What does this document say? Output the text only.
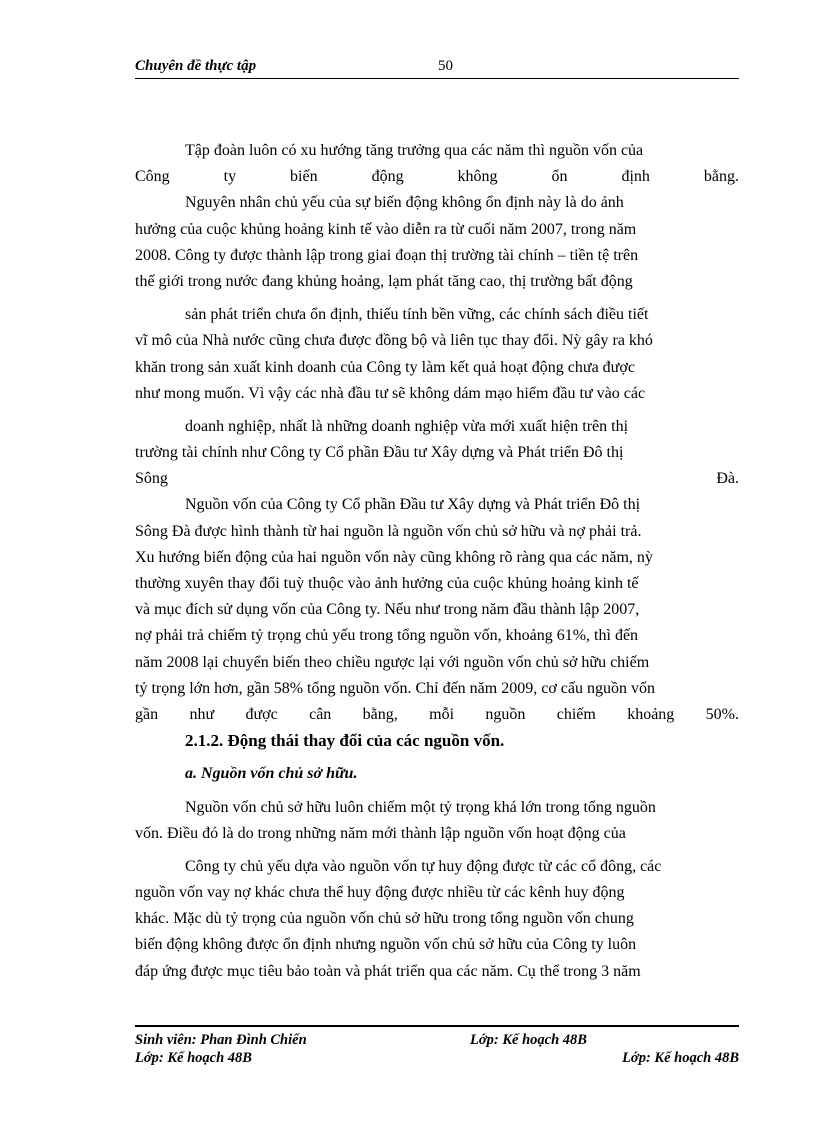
Chuyên đề thực tập	50
Tập đoàn luôn có xu hướng tăng trưởng qua các năm thì nguồn vốn của
Công ty biến động không ổn định bằng.
Nguyên nhân chủ yếu của sự biến động không ổn định này là do ảnh
hưởng của cuộc khủng hoảng kinh tế vào diễn ra từ cuối năm 2007, trong năm
2008. Công ty được thành lập trong giai đoạn thị trường tài chính – tiền tệ trên
thế giới trong nước đang khủng hoảng, lạm phát tăng cao, thị trường bất động
sản phát triển chưa ổn định, thiếu tính bền vững, các chính sách điều tiết
vĩ mô của Nhà nước cũng chưa được đồng bộ và liên tục thay đổi. Nỳ gây ra khó
khăn trong sản xuất kinh doanh của Công ty làm kết quả hoạt động chưa được
như mong muốn. Vì vậy các nhà đầu tư sẽ không dám mạo hiểm đầu tư vào các
doanh nghiệp, nhất là những doanh nghiệp vừa mới xuất hiện trên thị
trường tài chính như Công ty Cổ phần Đầu tư Xây dựng và Phát triển Đô thị
Sông Đà.
Nguồn vốn của Công ty Cổ phần Đầu tư Xây dựng và Phát triển Đô thị
Sông Đà được hình thành từ hai nguồn là nguồn vốn chủ sở hữu và nợ phải trả.
Xu hướng biến động của hai nguồn vốn này cũng không rõ ràng qua các năm, nỳ
thường xuyên thay đổi tuỳ thuộc vào ảnh hưởng của cuộc khủng hoảng kinh tế
và mục đích sử dụng vốn của Công ty. Nếu như trong năm đầu thành lập 2007,
nợ phải trả chiếm tỷ trọng chủ yếu trong tổng nguồn vốn, khoảng 61%, thì đến
năm 2008 lại chuyển biến theo chiều ngược lại với nguồn vốn chủ sở hữu chiếm
tỷ trọng lớn hơn, gần 58% tổng nguồn vốn. Chỉ đến năm 2009, cơ cấu nguồn vốn
gần như được cân bằng, mỗi nguồn chiếm khoảng 50%.
2.1.2. Động thái thay đổi của các nguồn vốn.
a. Nguồn vốn chủ sở hữu.
Nguồn vốn chủ sở hữu luôn chiếm một tỷ trọng khá lớn trong tổng nguồn
vốn. Điều đó là do trong những năm mới thành lập nguồn vốn hoạt động của
Công ty chủ yếu dựa vào nguồn vốn tự huy động được từ các cổ đông, các
nguồn vốn vay nợ khác chưa thể huy động được nhiều từ các kênh huy động
khác. Mặc dù tỷ trọng của nguồn vốn chủ sở hữu trong tổng nguồn vốn chung
biến động không được ổn định nhưng nguồn vốn chủ sở hữu của Công ty luôn
đáp ứng được mục tiêu bảo toàn và phát triển qua các năm. Cụ thể trong 3 năm
Sinh viên: Phan Đình Chiến	Lớp: Kế hoạch 48B
Lớp: Kế hoạch 48B	Lớp: Kế hoạch 48B
